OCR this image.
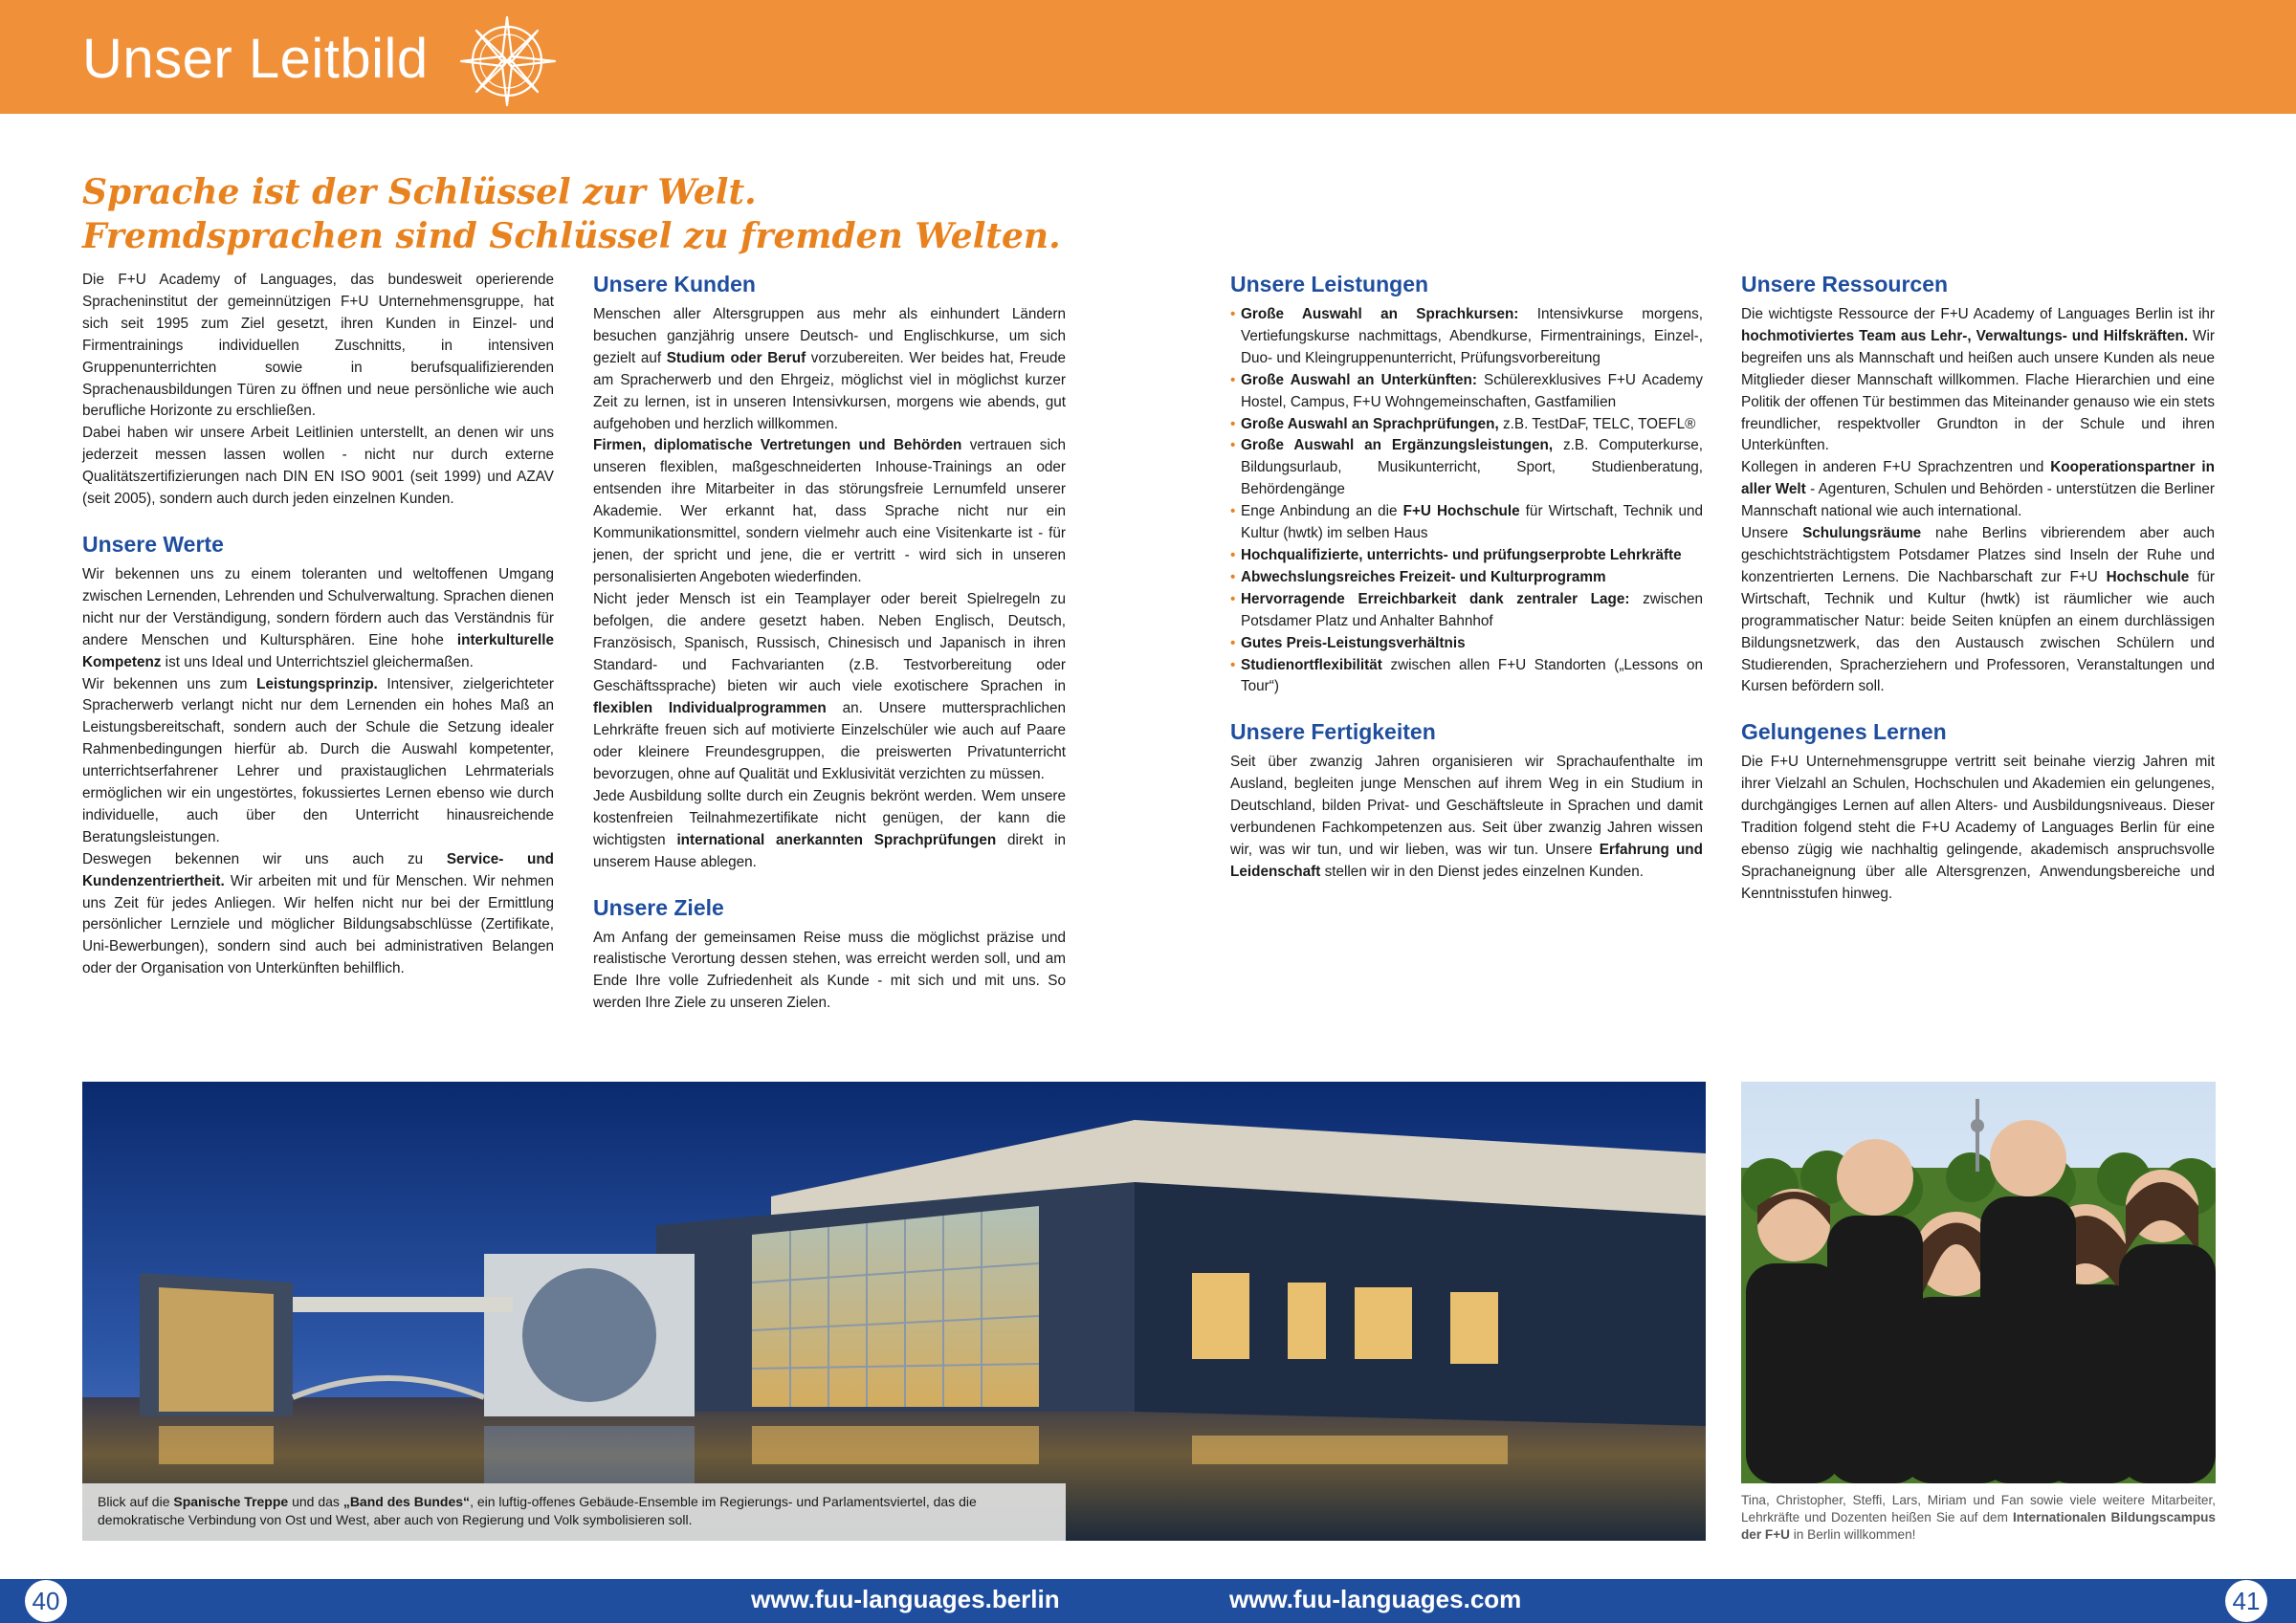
Unser Leitbild
Sprache ist der Schlüssel zur Welt.
Fremdsprachen sind Schlüssel zu fremden Welten.

Die F+U Academy of Languages, das bundesweit operierende Spracheninstitut der gemeinnützigen F+U Unternehmensgruppe, hat sich seit 1995 zum Ziel gesetzt, ihren Kunden in Einzel- und Firmentrainings individuellen Zuschnitts, in intensiven Gruppenunterrichten sowie in berufsqualifizierenden Sprachenausbildungen Türen zu öffnen und neue persönliche wie auch berufliche Horizonte zu erschließen.

Dabei haben wir unsere Arbeit Leitlinien unterstellt, an denen wir uns jederzeit messen lassen wollen - nicht nur durch externe Qualitätszertifizierungen nach DIN EN ISO 9001 (seit 1999) und AZAV (seit 2005), sondern auch durch jeden einzelnen Kunden.

Unsere Werte

Wir bekennen uns zu einem toleranten und weltoffenen Umgang zwischen Lernenden, Lehrenden und Schulverwaltung. Sprachen dienen nicht nur der Verständigung, sondern fördern auch das Verständnis für andere Menschen und Kultursphären. Eine hohe interkulturelle Kompetenz ist uns Ideal und Unterrichtsziel gleichermaßen.

Wir bekennen uns zum Leistungsprinzip. Intensiver, zielgerichteter Spracherwerb verlangt nicht nur dem Lernenden ein hohes Maß an Leistungsbereitschaft, sondern auch der Schule die Setzung idealer Rahmenbedingungen hierfür ab. Durch die Auswahl kompetenter, unterrichtserfahrener Lehrer und praxistauglichen Lehrmaterials ermöglichen wir ein ungestörtes, fokussiertes Lernen ebenso wie durch individuelle, auch über den Unterricht hinausreichende Beratungsleistungen.

Deswegen bekennen wir uns auch zu Service- und Kundenzentriertheit. Wir arbeiten mit und für Menschen. Wir nehmen uns Zeit für jedes Anliegen. Wir helfen nicht nur bei der Ermittlung persönlicher Lernziele und möglicher Bildungsabschlüsse (Zertifikate, Uni-Bewerbungen), sondern sind auch bei administrativen Belangen oder der Organisation von Unterkünften behilflich.

Unsere Kunden

Menschen aller Altersgruppen aus mehr als einhundert Ländern besuchen ganzjährig unsere Deutsch- und Englischkurse, um sich gezielt auf Studium oder Beruf vorzubereiten. Wer beides hat, Freude am Spracherwerb und den Ehrgeiz, möglichst viel in möglichst kurzer Zeit zu lernen, ist in unseren Intensivkursen, morgens wie abends, gut aufgehoben und herzlich willkommen.

Firmen, diplomatische Vertretungen und Behörden vertrauen sich unseren flexiblen, maßgeschneiderten Inhouse-Trainings an oder entsenden ihre Mitarbeiter in das störungsfreie Lernumfeld unserer Akademie. Wer erkannt hat, dass Sprache nicht nur ein Kommunikationsmittel, sondern vielmehr auch eine Visitenkarte ist - für jenen, der spricht und jene, die er vertritt - wird sich in unseren personalisierten Angeboten wiederfinden.

Nicht jeder Mensch ist ein Teamplayer oder bereit Spielregeln zu befolgen, die andere gesetzt haben. Neben Englisch, Deutsch, Französisch, Spanisch, Russisch, Chinesisch und Japanisch in ihren Standard- und Fachvarianten (z.B. Testvorbereitung oder Geschäftssprache) bieten wir auch viele exotischere Sprachen in flexiblen Individualprogrammen an. Unsere muttersprachlichen Lehrkräfte freuen sich auf motivierte Einzelschüler wie auch auf Paare oder kleinere Freundesgruppen, die preiswerten Privatunterricht bevorzugen, ohne auf Qualität und Exklusivität verzichten zu müssen.

Jede Ausbildung sollte durch ein Zeugnis bekrönt werden. Wem unsere kostenfreien Teilnahmezertifikate nicht genügen, der kann die wichtigsten international anerkannten Sprachprüfungen direkt in unserem Hause ablegen.

Unsere Ziele

Am Anfang der gemeinsamen Reise muss die möglichst präzise und realistische Verortung dessen stehen, was erreicht werden soll, und am Ende Ihre volle Zufriedenheit als Kunde - mit sich und mit uns. So werden Ihre Ziele zu unseren Zielen.

Unsere Leistungen
• Große Auswahl an Sprachkursen: Intensivkurse morgens, Vertiefungskurse nachmittags, Abendkurse, Firmentrainings, Einzel-, Duo- und Kleingruppenunterricht, Prüfungsvorbereitung
• Große Auswahl an Unterkünften: Schülerexklusives F+U Academy Hostel, Campus, F+U Wohngemeinschaften, Gastfamilien
• Große Auswahl an Sprachprüfungen, z.B. TestDaF, TELC, TOEFL®
• Große Auswahl an Ergänzungsleistungen, z.B. Computerkurse, Bildungsurlaub, Musikunterricht, Sport, Studienberatung, Behördengänge
• Enge Anbindung an die F+U Hochschule für Wirtschaft, Technik und Kultur (hwtk) im selben Haus
• Hochqualifizierte, unterrichts- und prüfungserprobte Lehrkräfte
• Abwechslungsreiches Freizeit- und Kulturprogramm
• Hervorragende Erreichbarkeit dank zentraler Lage: zwischen Potsdamer Platz und Anhalter Bahnhof
• Gutes Preis-Leistungsverhältnis
• Studienortflexibilität zwischen allen F+U Standorten („Lessons on Tour“)
Unsere Fertigkeiten

Seit über zwanzig Jahren organisieren wir Sprachaufenthalte im Ausland, begleiten junge Menschen auf ihrem Weg in ein Studium in Deutschland, bilden Privat- und Geschäftsleute in Sprachen und damit verbundenen Fachkompetenzen aus. Seit über zwanzig Jahren wissen wir, was wir tun, und wir lieben, was wir tun. Unsere Erfahrung und Leidenschaft stellen wir in den Dienst jedes einzelnen Kunden.

Unsere Ressourcen

Die wichtigste Ressource der F+U Academy of Languages Berlin ist ihr hochmotiviertes Team aus Lehr-, Verwaltungs- und Hilfskräften. Wir begreifen uns als Mannschaft und heißen auch unsere Kunden als neue Mitglieder dieser Mannschaft willkommen. Flache Hierarchien und eine Politik der offenen Tür bestimmen das Miteinander genauso wie ein stets freundlicher, respektvoller Grundton in der Schule und ihren Unterkünften.

Kollegen in anderen F+U Sprachzentren und Kooperationspartner in aller Welt - Agenturen, Schulen und Behörden - unterstützen die Berliner Mannschaft national wie auch international.

Unsere Schulungsräume nahe Berlins vibrierendem aber auch geschichtsträchtigstem Potsdamer Platzes sind Inseln der Ruhe und konzentrierten Lernens. Die Nachbarschaft zur F+U Hochschule für Wirtschaft, Technik und Kultur (hwtk) ist räumlicher wie auch programmatischer Natur: beide Seiten knüpfen an einem durchlässigen Bildungsnetzwerk, das den Austausch zwischen Schülern und Studierenden, Spracherziehern und Professoren, Veranstaltungen und Kursen befördern soll.

Gelungenes Lernen

Die F+U Unternehmensgruppe vertritt seit beinahe vierzig Jahren mit ihrer Vielzahl an Schulen, Hochschulen und Akademien ein gelungenes, durchgängiges Lernen auf allen Alters- und Ausbildungsniveaus. Dieser Tradition folgend steht die F+U Academy of Languages Berlin für eine ebenso zügig wie nachhaltig gelingende, akademisch anspruchsvolle Sprachaneignung über alle Altersgrenzen, Anwendungsbereiche und Kenntnisstufen hinweg.

Blick auf die Spanische Treppe und das „Band des Bundes“, ein luftig-offenes Gebäude-Ensemble im Regierungs- und Parlamentsviertel, das die demokratische Verbindung von Ost und West, aber auch von Regierung und Volk symbolisieren soll.
Tina, Christopher, Steffi, Lars, Miriam und Fan sowie viele weitere Mitarbeiter, Lehrkräfte und Dozenten heißen Sie auf dem Internationalen Bildungscampus der F+U in Berlin willkommen!
www.fuu-languages.berlin	www.fuu-languages.com
40	41
